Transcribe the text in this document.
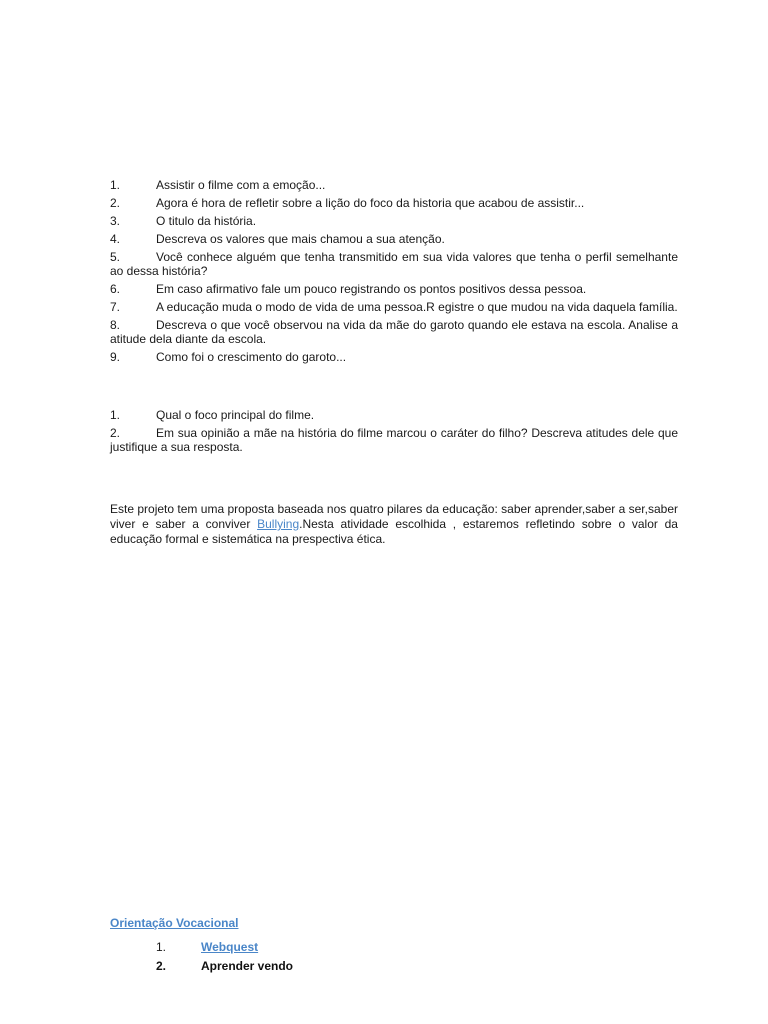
1.	Assistir o filme com a emoção...
2.	Agora é hora de refletir sobre a lição do foco da historia que acabou de assistir...
3.	O titulo da história.
4.	Descreva os valores que mais chamou a sua atenção.
5.	Você conhece alguém que tenha transmitido em sua vida valores que tenha o perfil semelhante ao dessa história?
6.	Em caso afirmativo fale um pouco registrando os pontos positivos dessa pessoa.
7.	A educação muda o modo de vida de uma pessoa.R egistre o que mudou na vida daquela família.
8.	Descreva o que você observou na vida da mãe do garoto quando ele estava na escola. Analise a atitude dela diante da escola.
9.	Como foi o crescimento do garoto...
1.	Qual o foco principal do filme.
2.	Em sua opinião a mãe na história do filme marcou o caráter do filho? Descreva atitudes dele que justifique a sua resposta.
Este projeto tem uma proposta baseada nos quatro pilares da educação: saber aprender,saber a ser,saber viver e saber a conviver Bullying.Nesta atividade escolhida , estaremos refletindo sobre o valor da educação formal e sistemática na prespectiva ética.
Orientação Vocacional
1.	Webquest
2.	Aprender vendo
